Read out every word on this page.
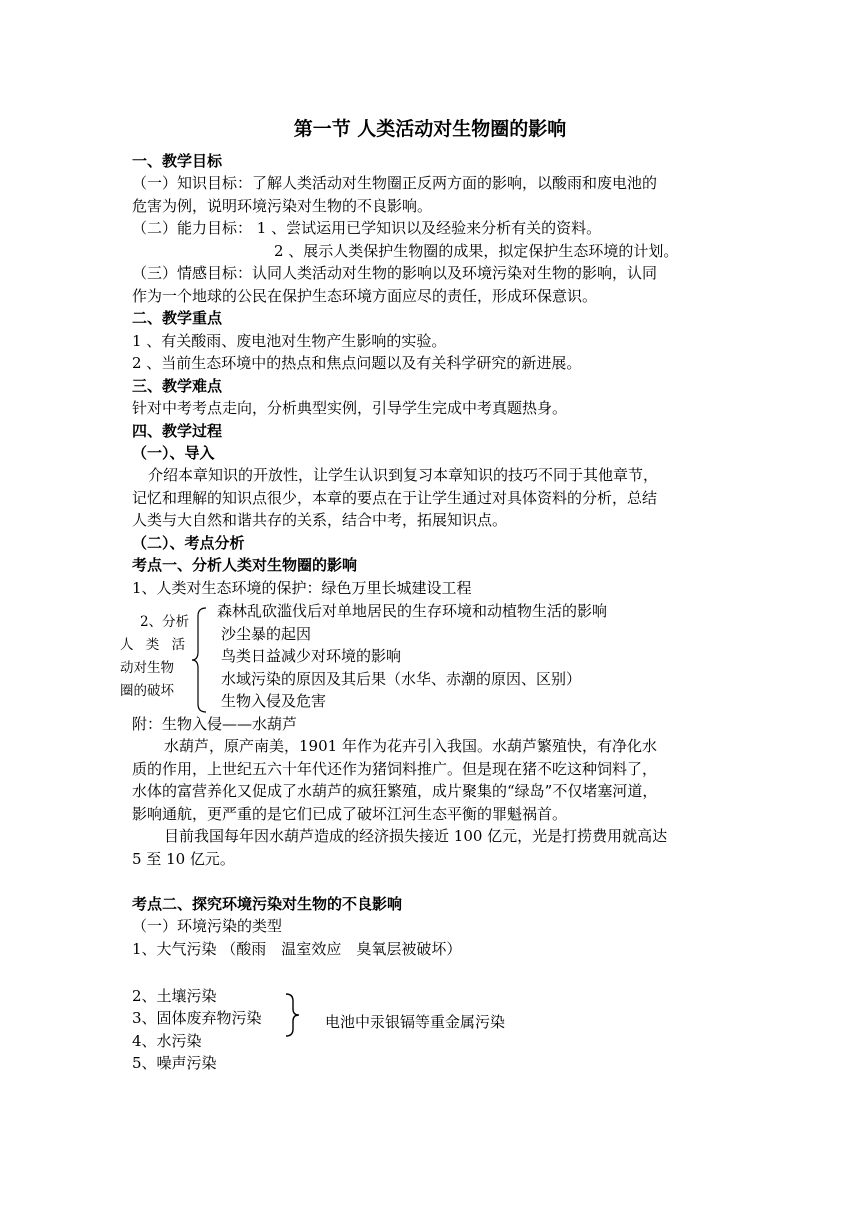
第一节 人类活动对生物圈的影响
一、教学目标
（一）知识目标：了解人类活动对生物圈正反两方面的影响，以酸雨和废电池的
危害为例，说明环境污染对生物的不良影响。
（二）能力目标： 1 、尝试运用已学知识以及经验来分析有关的资料。
2 、展示人类保护生物圈的成果，拟定保护生态环境的计划。
（三）情感目标：认同人类活动对生物的影响以及环境污染对生物的影响，认同
作为一个地球的公民在保护生态环境方面应尽的责任，形成环保意识。
二、教学重点
1 、有关酸雨、废电池对生物产生影响的实验。
2 、当前生态环境中的热点和焦点问题以及有关科学研究的新进展。
三、教学难点
针对中考考点走向，分析典型实例，引导学生完成中考真题热身。
四、教学过程
（一）、导入
介绍本章知识的开放性，让学生认识到复习本章知识的技巧不同于其他章节，
记忆和理解的知识点很少，本章的要点在于让学生通过对具体资料的分析，总结
人类与大自然和谐共存的关系，结合中考，拓展知识点。
（二）、考点分析
考点一、分析人类对生物圈的影响
1、人类对生态环境的保护：绿色万里长城建设工程
2、分析
人 类 活
动对生物
圈的破坏
森林乱砍滥伐后对单地居民的生存环境和动植物生活的影响
沙尘暴的起因
鸟类日益减少对环境的影响
水域污染的原因及其后果（水华、赤潮的原因、区别）
生物入侵及危害
附：生物入侵——水葫芦
水葫芦，原产南美，1901 年作为花卉引入我国。水葫芦繁殖快，有净化水
质的作用，上世纪五六十年代还作为猪饲料推广。但是现在猪不吃这种饲料了，
水体的富营养化又促成了水葫芦的疯狂繁殖，成片聚集的“绿岛”不仅堵塞河道，
影响通航，更严重的是它们已成了破坏江河生态平衡的罪魁祸首。
目前我国每年因水葫芦造成的经济损失接近 100 亿元，光是打捞费用就高达
5 至 10 亿元。
考点二、探究环境污染对生物的不良影响
（一）环境污染的类型
1、大气污染 （酸雨　温室效应　臭氧层被破坏）
2、土壤污染
3、固体废弃物污染
4、水污染
5、噪声污染
电池中汞银镉等重金属污染
